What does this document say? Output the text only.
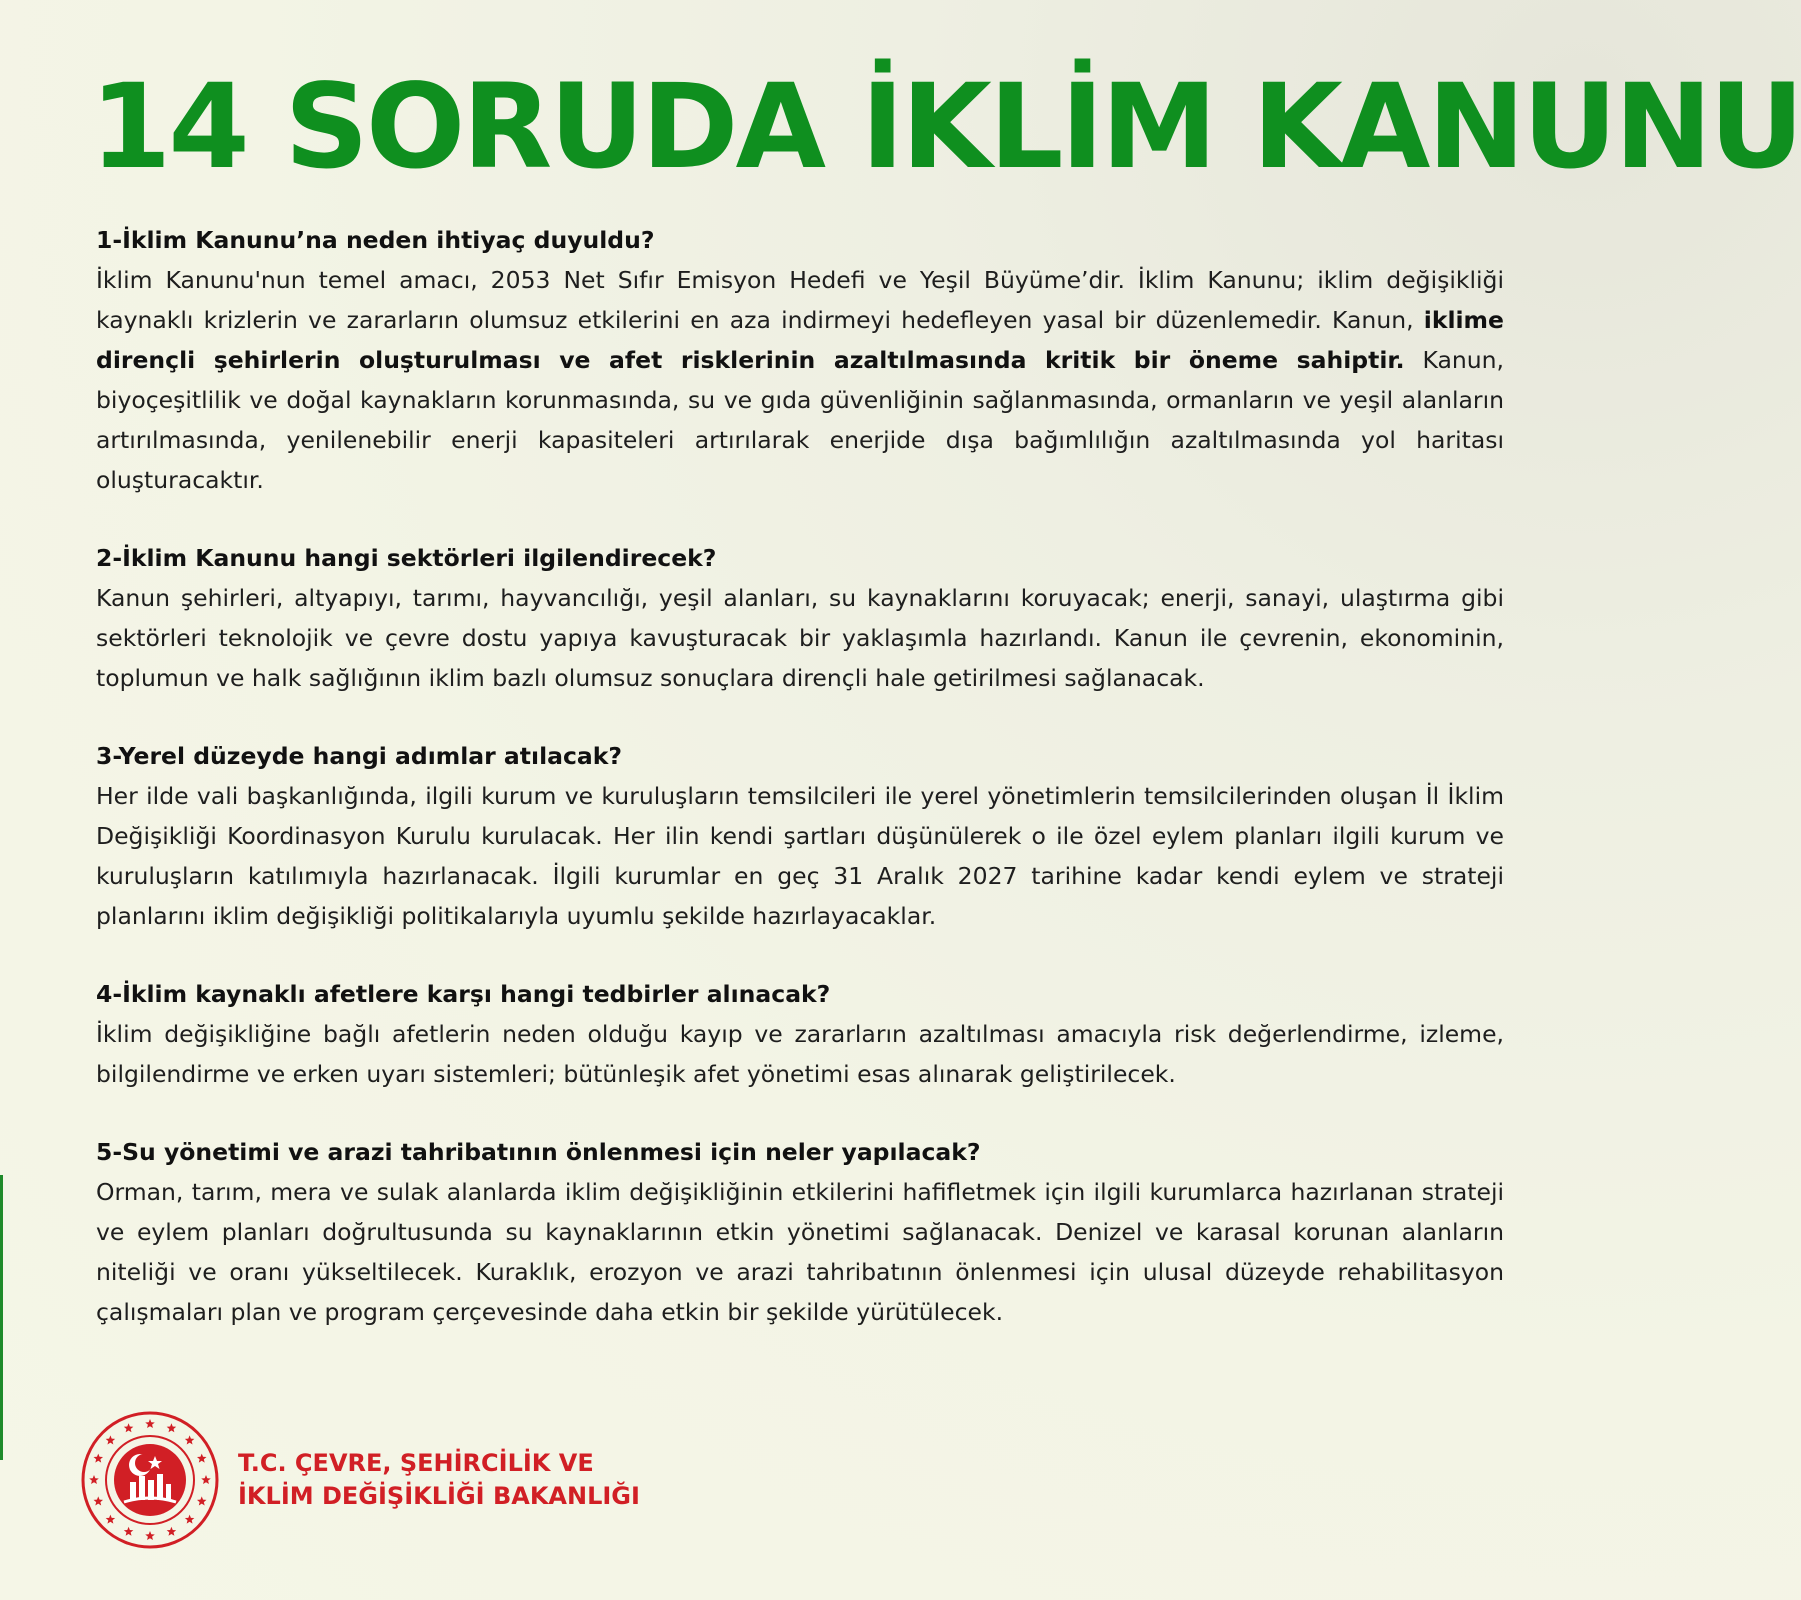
14 SORUDA İKLİM KANUNU

1-İklim Kanunu’na neden ihtiyaç duyuldu?

İklim Kanunu'nun temel amacı, 2053 Net Sıfır Emisyon Hedefi ve Yeşil Büyüme’dir. İklim Kanunu; iklim değişikliği kaynaklı krizlerin ve zararların olumsuz etkilerini en aza indirmeyi hedefleyen yasal bir düzenlemedir. Kanun, iklime dirençli şehirlerin oluşturulması ve afet risklerinin azaltılmasında kritik bir öneme sahiptir. Kanun, biyoçeşitlilik ve doğal kaynakların korunmasında, su ve gıda güvenliğinin sağlanmasında, ormanların ve yeşil alanların artırılmasında, yenilenebilir enerji kapasiteleri artırılarak enerjide dışa bağımlılığın azaltılmasında yol haritası oluşturacaktır.

2-İklim Kanunu hangi sektörleri ilgilendirecek?

Kanun şehirleri, altyapıyı, tarımı, hayvancılığı, yeşil alanları, su kaynaklarını koruyacak; enerji, sanayi, ulaştırma gibi sektörleri teknolojik ve çevre dostu yapıya kavuşturacak bir yaklaşımla hazırlandı. Kanun ile çevrenin, ekonominin, toplumun ve halk sağlığının iklim bazlı olumsuz sonuçlara dirençli hale getirilmesi sağlanacak.

3-Yerel düzeyde hangi adımlar atılacak?

Her ilde vali başkanlığında, ilgili kurum ve kuruluşların temsilcileri ile yerel yönetimlerin temsilcilerinden oluşan İl İklim Değişikliği Koordinasyon Kurulu kurulacak. Her ilin kendi şartları düşünülerek o ile özel eylem planları ilgili kurum ve kuruluşların katılımıyla hazırlanacak. İlgili kurumlar en geç 31 Aralık 2027 tarihine kadar kendi eylem ve strateji planlarını iklim değişikliği politikalarıyla uyumlu şekilde hazırlayacaklar.

4-İklim kaynaklı afetlere karşı hangi tedbirler alınacak?

İklim değişikliğine bağlı afetlerin neden olduğu kayıp ve zararların azaltılması amacıyla risk değerlendirme, izleme, bilgilendirme ve erken uyarı sistemleri; bütünleşik afet yönetimi esas alınarak geliştirilecek.

5-Su yönetimi ve arazi tahribatının önlenmesi için neler yapılacak?

Orman, tarım, mera ve sulak alanlarda iklim değişikliğinin etkilerini hafifletmek için ilgili kurumlarca hazırlanan strateji ve eylem planları doğrultusunda su kaynaklarının etkin yönetimi sağlanacak. Denizel ve karasal korunan alanların niteliği ve oranı yükseltilecek. Kuraklık, erozyon ve arazi tahribatının önlenmesi için ulusal düzeyde rehabilitasyon çalışmaları plan ve program çerçevesinde daha etkin bir şekilde yürütülecek.

T.C. ÇEVRE, ŞEHİRCİLİK VE
İKLİM DEĞİŞİKLİĞİ BAKANLIĞI
